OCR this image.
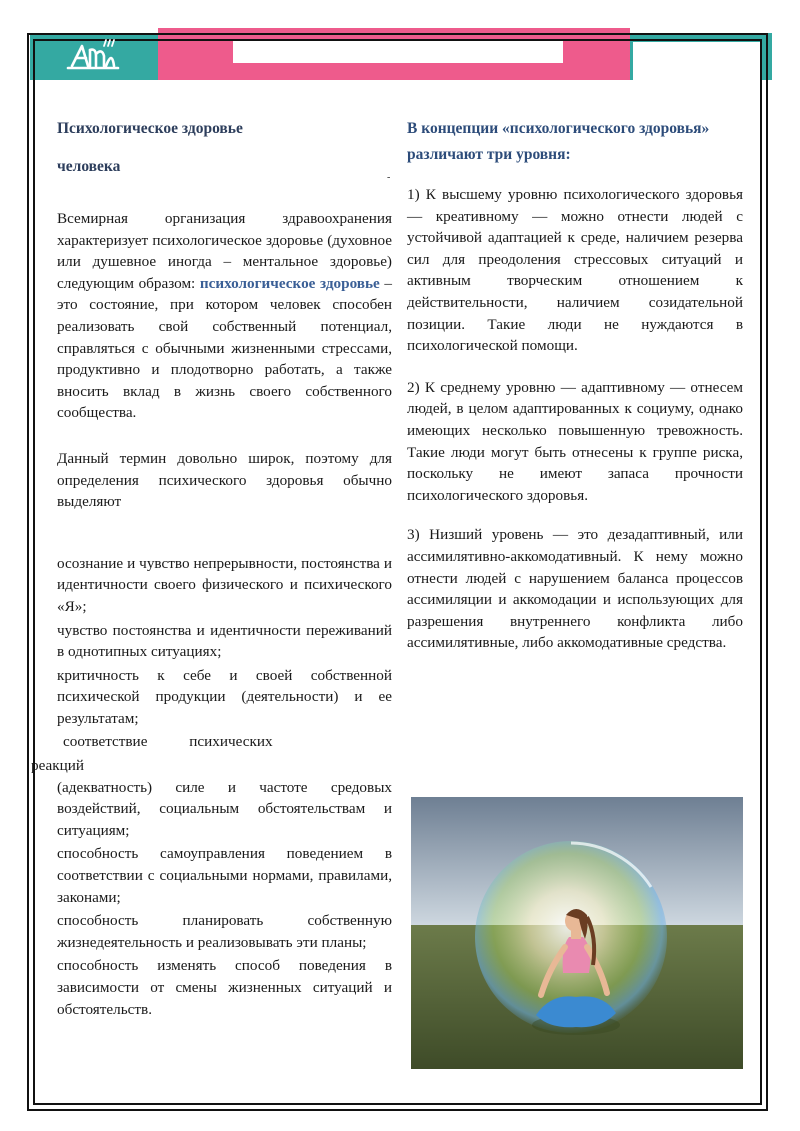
-
Психологическое здоровье
человека

Всемирная организация здравоохранения характеризует психологическое здоровье (духовное или душевное иногда – ментальное здоровье) следующим образом: психологическое здоровье – это состояние, при котором человек способен реализовать свой собственный потенциал, справляться с обычными жизненными стрессами, продуктивно и плодотворно работать, а также вносить вклад в жизнь своего собственного сообщества.

Данный термин довольно широк, поэтому для определения психического здоровья обычно выделяют

осознание и чувство непрерывности, постоянства и идентичности своего физического и психического «Я»;

чувство постоянства и идентичности переживаний в однотипных ситуациях;

критичность к себе и своей собственной психической продукции (деятельности) и ее результатам;

соответствие психических

реакций

(адекватность) силе и частоте средовых воздействий, социальным обстоятельствам и ситуациям;

способность самоуправления поведением в соответствии с социальными нормами, правилами, законами;

способность планировать собственную жизнедеятельность и реализовывать эти планы;

способность изменять способ поведения в зависимости от смены жизненных ситуаций и обстоятельств.

В концепции «психологического здоровья» различают три уровня:

1) К высшему уровню психологического здоровья — креативному — можно отнести людей с устойчивой адаптацией к среде, наличием резерва сил для преодоления стрессовых ситуаций и активным творческим отношением к действительности, наличием созидательной позиции. Такие люди не нуждаются в психологической помощи.

2) К среднему уровню — адаптивному — отнесем людей, в целом адаптированных к социуму, однако имеющих несколько повышенную тревожность. Такие люди могут быть отнесены к группе риска, поскольку не имеют запаса прочности психологического здоровья.

3) Низший уровень — это дезадаптивный, или ассимилятивно-аккомодативный. К нему можно отнести людей с нарушением баланса процессов ассимиляции и аккомодации и использующих для разрешения внутреннего конфликта либо ассимилятивные, либо аккомодативные средства.
